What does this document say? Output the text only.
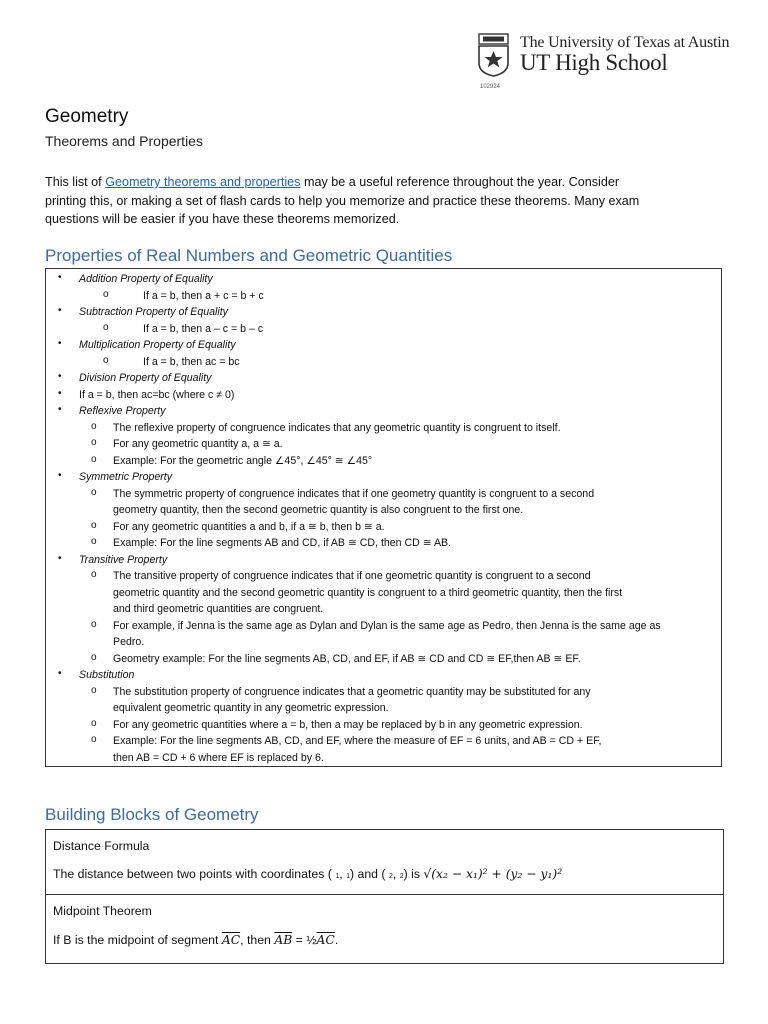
The University of Texas at Austin
UT High School
102924
Geometry
Theorems and Properties
This list of Geometry theorems and properties may be a useful reference throughout the year. Consider
printing this, or making a set of flash cards to help you memorize and practice these theorems. Many exam
questions will be easier if you have these theorems memorized.
Properties of Real Numbers and Geometric Quantities
• Addition Property of Equality
o	If a = b, then a + c = b + c
• Subtraction Property of Equality
o	If a = b, then a – c = b – c
• Multiplication Property of Equality
o	If a = b, then ac = bc
• Division Property of Equality
• If a = b, then ac=bc (where c ≠ 0)
• Reflexive Property
o The reflexive property of congruence indicates that any geometric quantity is congruent to itself.
o For any geometric quantity a, a ≅ a.
o Example: For the geometric angle ∠45°, ∠45° ≅ ∠45°
• Symmetric Property
o The symmetric property of congruence indicates that if one geometry quantity is congruent to a second
geometry quantity, then the second geometric quantity is also congruent to the first one.
o For any geometric quantities a and b, if a ≅ b, then b ≅ a.
o Example: For the line segments AB and CD, if AB ≅ CD, then CD ≅ AB.
• Transitive Property
o The transitive property of congruence indicates that if one geometric quantity is congruent to a second
geometric quantity and the second geometric quantity is congruent to a third geometric quantity, then the first
and third geometric quantities are congruent.
o For example, if Jenna is the same age as Dylan and Dylan is the same age as Pedro, then Jenna is the same age as
Pedro.
o Geometry example: For the line segments AB, CD, and EF, if AB ≅ CD and CD ≅ EF,then AB ≅ EF.
• Substitution
o The substitution property of congruence indicates that a geometric quantity may be substituted for any
equivalent geometric quantity in any geometric expression.
o For any geometric quantities where a = b, then a may be replaced by b in any geometric expression.
o Example: For the line segments AB, CD, and EF, where the measure of EF = 6 units, and AB = CD + EF,
then AB = CD + 6 where EF is replaced by 6.
Building Blocks of Geometry
Distance Formula
The distance between two points with coordinates ( 1, 1) and ( 2, 2) is √(x₂ − x₁)² + (y₂ − y₁)²
Midpoint Theorem
If B is the midpoint of segment $\overline{AC}$, then $\overline{AB}$ = $\frac{1}{2}\overline{AC}$.
